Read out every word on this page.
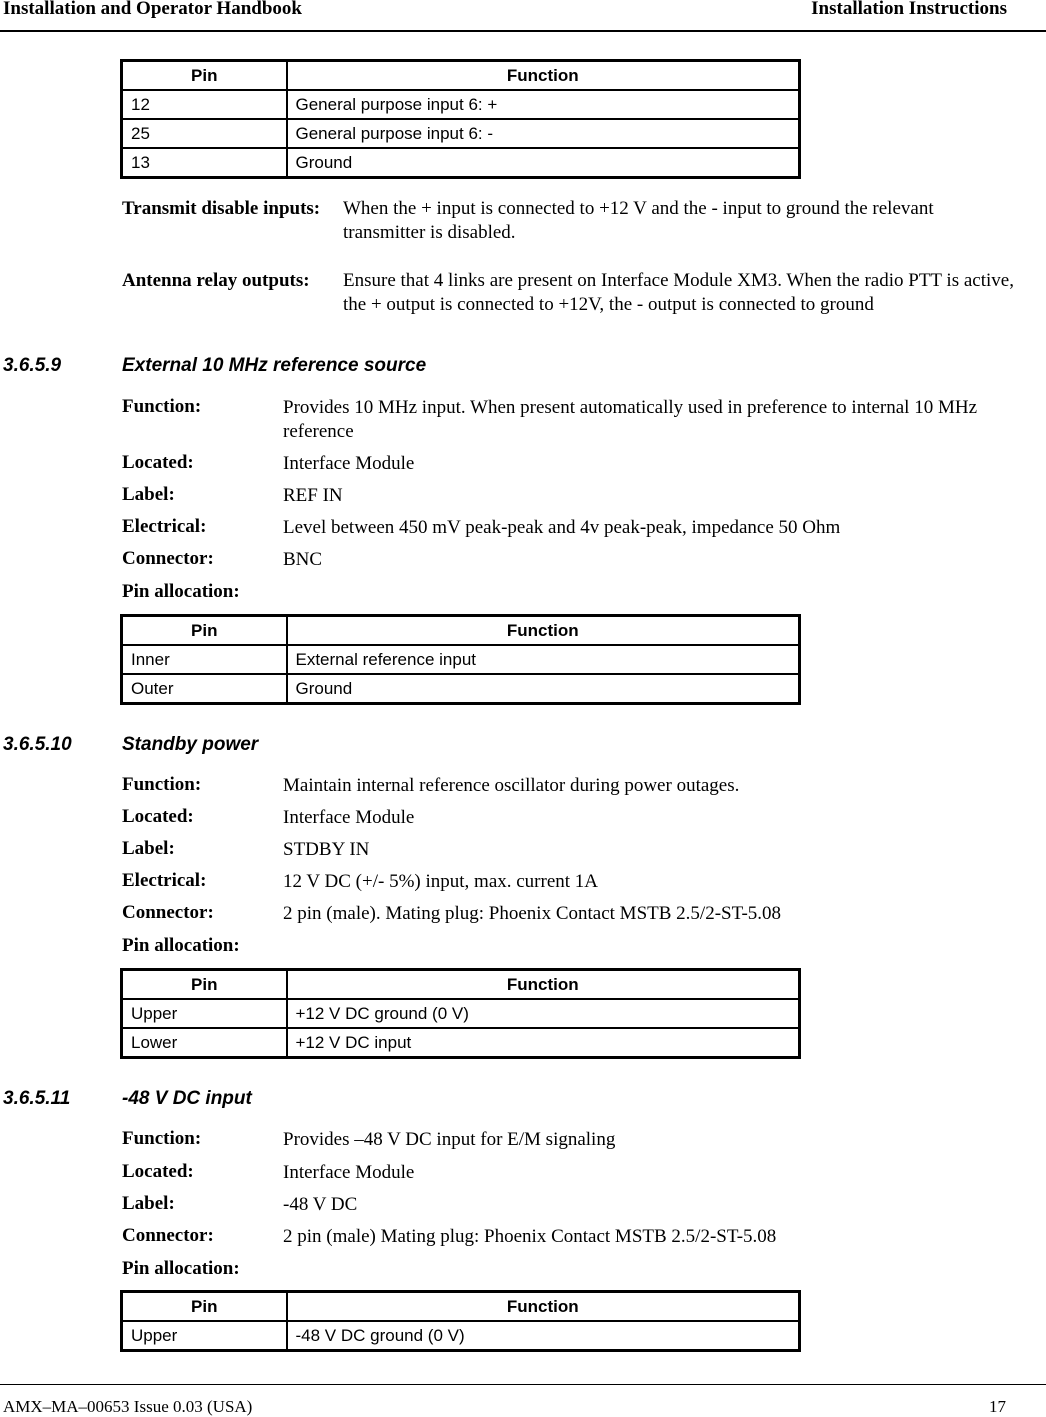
Installation and Operator Handbook	Installation Instructions
Pin	Function
12	General purpose input 6: +
25	General purpose input 6: -
13	Ground
Transmit disable inputs: When the + input is connected to +12 V and the - input to ground the relevant transmitter is disabled.
Antenna relay outputs: Ensure that 4 links are present on Interface Module XM3. When the radio PTT is active, the + output is connected to +12V, the - output is connected to ground
3.6.5.9	External 10 MHz reference source
Function:	Provides 10 MHz input. When present automatically used in preference to internal 10 MHz reference
Located:	Interface Module
Label:	REF IN
Electrical:	Level between 450 mV peak-peak and 4v peak-peak, impedance 50 Ohm
Connector:	BNC
Pin allocation:
Pin	Function
Inner	External reference input
Outer	Ground
3.6.5.10	Standby power
Function:	Maintain internal reference oscillator during power outages.
Located:	Interface Module
Label:	STDBY IN
Electrical:	12 V DC (+/- 5%) input, max. current 1A
Connector:	2 pin (male). Mating plug: Phoenix Contact MSTB 2.5/2-ST-5.08
Pin allocation:
Pin	Function
Upper	+12 V DC ground (0 V)
Lower	+12 V DC input
3.6.5.11	-48 V DC input
Function:	Provides –48 V DC input for E/M signaling
Located:	Interface Module
Label:	-48 V DC
Connector:	2 pin (male) Mating plug: Phoenix Contact MSTB 2.5/2-ST-5.08
Pin allocation:
Pin	Function
Upper	-48 V DC ground (0 V)
AMX–MA–00653 Issue 0.03 (USA)	17
